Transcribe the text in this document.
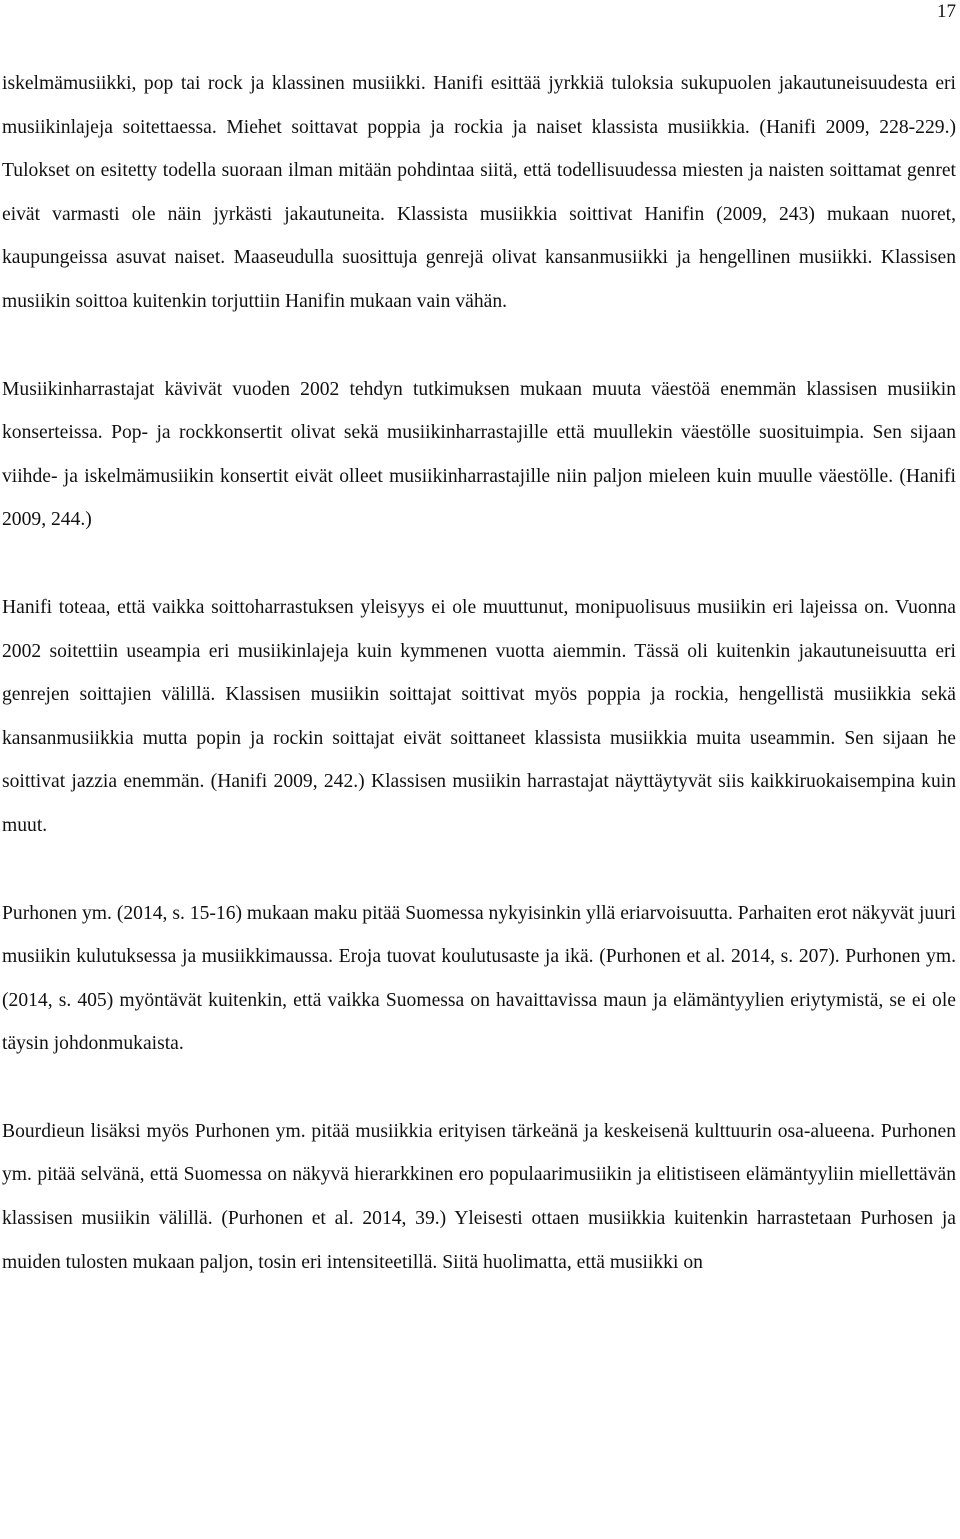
17

iskelmämusiikki, pop tai rock ja klassinen musiikki. Hanifi esittää jyrkkiä tuloksia sukupuolen jakautuneisuudesta eri musiikinlajeja soitettaessa. Miehet soittavat poppia ja rockia ja naiset klassista musiikkia. (Hanifi 2009, 228-229.) Tulokset on esitetty todella suoraan ilman mitään pohdintaa siitä, että todellisuudessa miesten ja naisten soittamat genret eivät varmasti ole näin jyrkästi jakautuneita. Klassista musiikkia soittivat Hanifin (2009, 243) mukaan nuoret, kaupungeissa asuvat naiset. Maaseudulla suosittuja genrejä olivat kansanmusiikki ja hengellinen musiikki. Klassisen musiikin soittoa kuitenkin torjuttiin Hanifin mukaan vain vähän.

Musiikinharrastajat kävivät vuoden 2002 tehdyn tutkimuksen mukaan muuta väestöä enemmän klassisen musiikin konserteissa. Pop- ja rockkonsertit olivat sekä musiikinharrastajille että muullekin väestölle suosituimpia. Sen sijaan viihde- ja iskelmämusiikin konsertit eivät olleet musiikinharrastajille niin paljon mieleen kuin muulle väestölle. (Hanifi 2009, 244.)

Hanifi toteaa, että vaikka soittoharrastuksen yleisyys ei ole muuttunut, monipuolisuus musiikin eri lajeissa on. Vuonna 2002 soitettiin useampia eri musiikinlajeja kuin kymmenen vuotta aiemmin. Tässä oli kuitenkin jakautuneisuutta eri genrejen soittajien välillä. Klassisen musiikin soittajat soittivat myös poppia ja rockia, hengellistä musiikkia sekä kansanmusiikkia mutta popin ja rockin soittajat eivät soittaneet klassista musiikkia muita useammin. Sen sijaan he soittivat jazzia enemmän. (Hanifi 2009, 242.) Klassisen musiikin harrastajat näyttäytyvät siis kaikkiruokaisempina kuin muut.

Purhonen ym. (2014, s. 15-16) mukaan maku pitää Suomessa nykyisinkin yllä eriarvoisuutta. Parhaiten erot näkyvät juuri musiikin kulutuksessa ja musiikkimaussa. Eroja tuovat koulutusaste ja ikä. (Purhonen et al. 2014, s. 207). Purhonen ym. (2014, s. 405) myöntävät kuitenkin, että vaikka Suomessa on havaittavissa maun ja elämäntyylien eriytymistä, se ei ole täysin johdonmukaista.

Bourdieun lisäksi myös Purhonen ym. pitää musiikkia erityisen tärkeänä ja keskeisenä kulttuurin osa-alueena. Purhonen ym. pitää selvänä, että Suomessa on näkyvä hierarkkinen ero populaarimusiikin ja elitistiseen elämäntyyliin miellettävän klassisen musiikin välillä. (Purhonen et al. 2014, 39.) Yleisesti ottaen musiikkia kuitenkin harrastetaan Purhosen ja muiden tulosten mukaan paljon, tosin eri intensiteetillä. Siitä huolimatta, että musiikki on
